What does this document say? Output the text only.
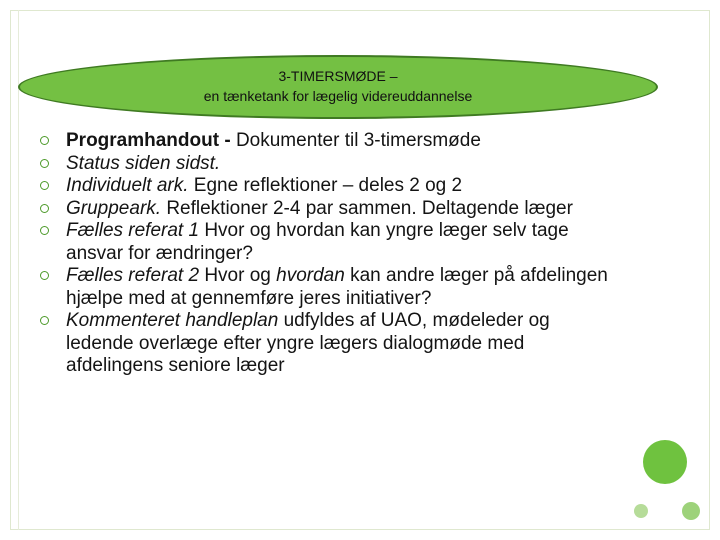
3-TIMERSMØDE –
en tænketank for lægelig videreuddannelse
Programhandout - Dokumenter til 3-timersmøde
Status siden sidst.
Individuelt ark. Egne reflektioner – deles 2 og 2
Gruppeark. Reflektioner 2-4 par sammen. Deltagende læger
Fælles referat 1 Hvor og hvordan kan yngre læger selv tage ansvar for ændringer?
Fælles referat 2 Hvor og hvordan kan andre læger på afdelingen hjælpe med at gennemføre jeres initiativer?
Kommenteret handleplan udfyldes af UAO, mødeleder og ledende overlæge efter yngre lægers dialogmøde med afdelingens seniore læger
